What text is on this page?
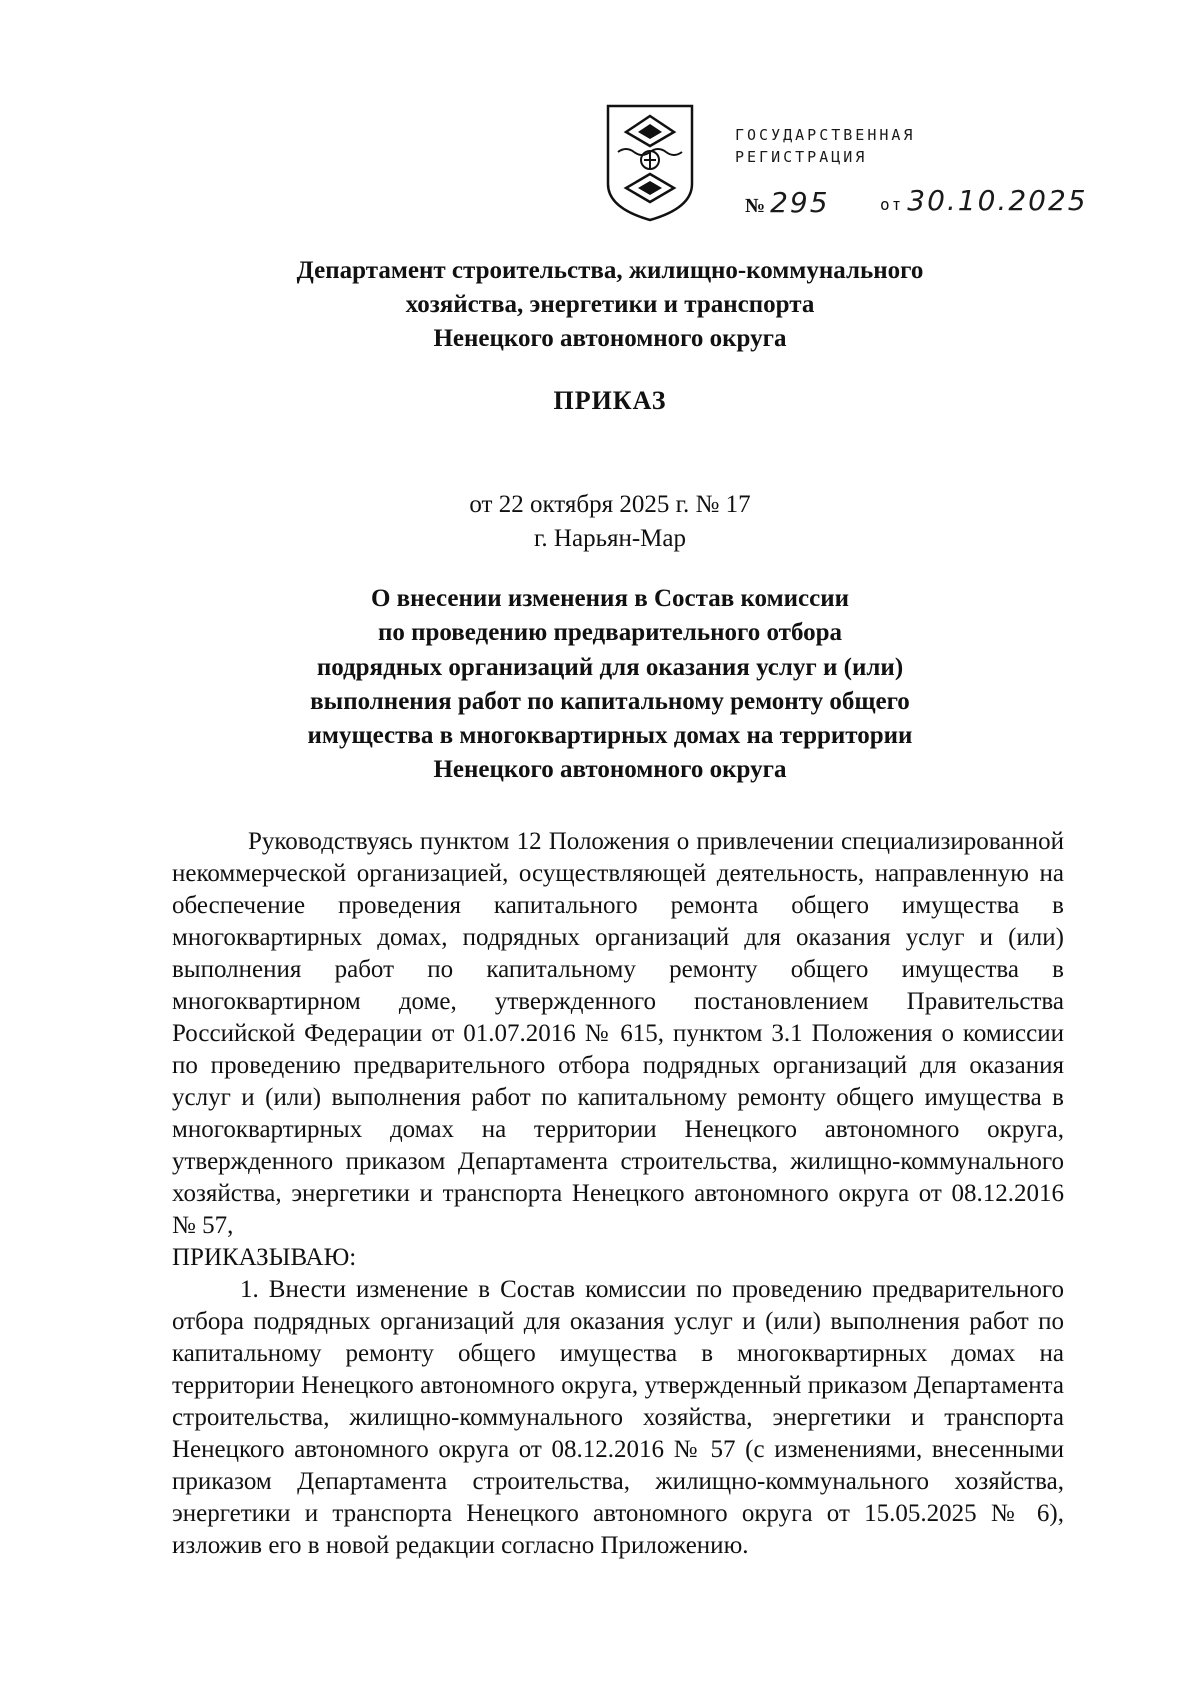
ГОСУДАРСТВЕННАЯ
РЕГИСТРАЦИЯ
№ 295	от 30.10.2025
Департамент строительства, жилищно-коммунального
хозяйства, энергетики и транспорта
Ненецкого автономного округа
ПРИКАЗ
от 22 октября 2025 г. № 17
г. Нарьян-Мар
О внесении изменения в Состав комиссии
по проведению предварительного отбора
подрядных организаций для оказания услуг и (или)
выполнения работ по капитальному ремонту общего
имущества в многоквартирных домах на территории
Ненецкого автономного округа

Руководствуясь пунктом 12 Положения о привлечении специализированной некоммерческой организацией, осуществляющей деятельность, направленную на обеспечение проведения капитального ремонта общего имущества в многоквартирных домах, подрядных организаций для оказания услуг и (или) выполнения работ по капитальному ремонту общего имущества в многоквартирном доме, утвержденного постановлением Правительства Российской Федерации от 01.07.2016 № 615, пунктом 3.1 Положения о комиссии по проведению предварительного отбора подрядных организаций для оказания услуг и (или) выполнения работ по капитальному ремонту общего имущества в многоквартирных домах на территории Ненецкого автономного округа, утвержденного приказом Департамента строительства, жилищно-коммунального хозяйства, энергетики и транспорта Ненецкого автономного округа от 08.12.2016 № 57,

ПРИКАЗЫВАЮ:

1. Внести изменение в Состав комиссии по проведению предварительного отбора подрядных организаций для оказания услуг и (или) выполнения работ по капитальному ремонту общего имущества в многоквартирных домах на территории Ненецкого автономного округа, утвержденный приказом Департамента строительства, жилищно-коммунального хозяйства, энергетики и транспорта Ненецкого автономного округа от 08.12.2016 № 57 (с изменениями, внесенными приказом Департамента строительства, жилищно-коммунального хозяйства, энергетики и транспорта Ненецкого автономного округа от 15.05.2025 № 6), изложив его в новой редакции согласно Приложению.
